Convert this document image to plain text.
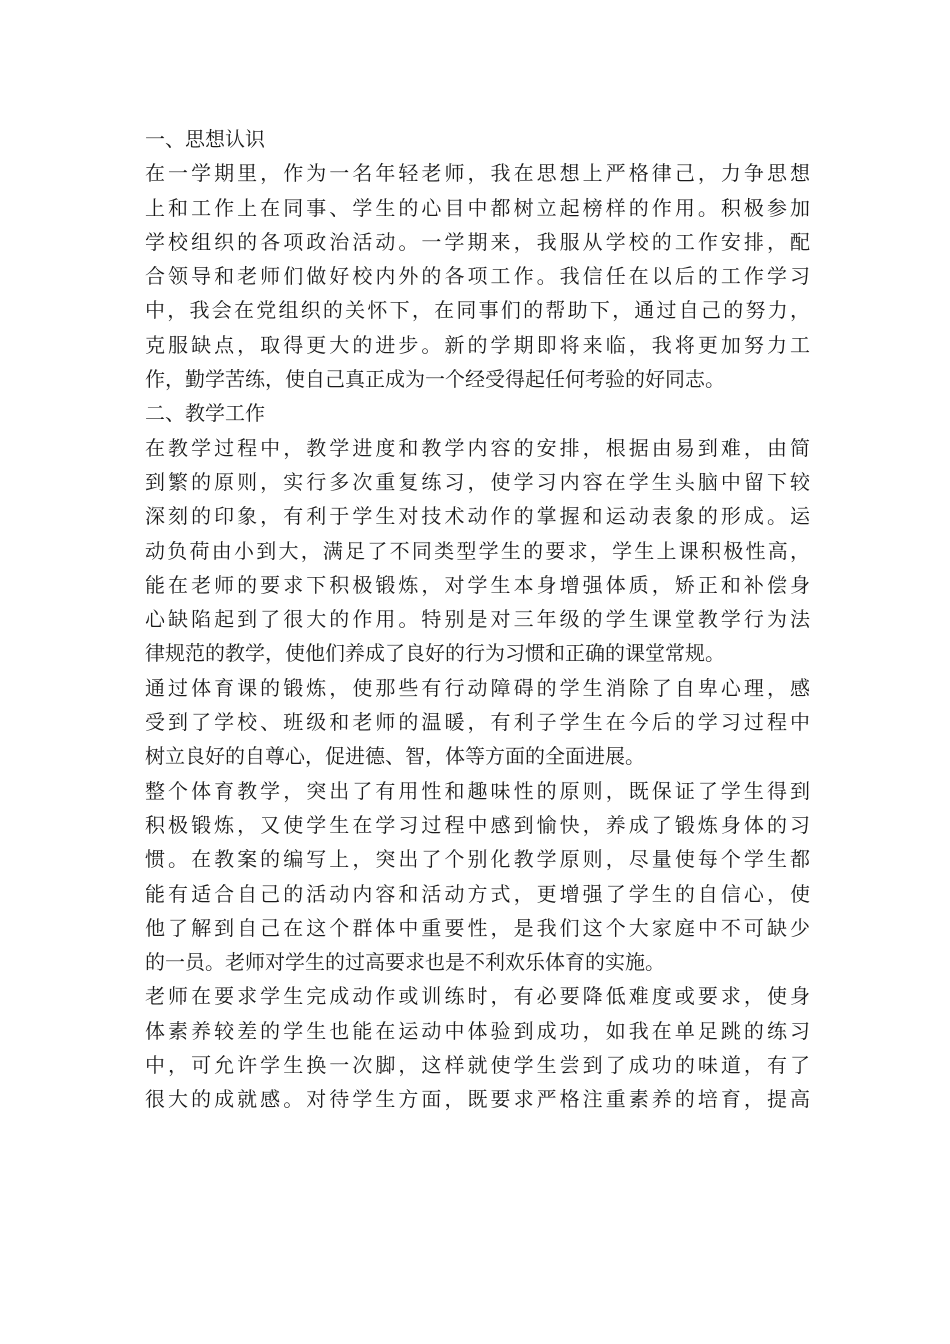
一、思想认识
在一学期里，作为一名年轻老师，我在思想上严格律己，力争思想
上和工作上在同事、学生的心目中都树立起榜样的作用。积极参加
学校组织的各项政治活动。一学期来，我服从学校的工作安排，配
合领导和老师们做好校内外的各项工作。我信任在以后的工作学习
中，我会在党组织的关怀下，在同事们的帮助下，通过自己的努力，
克服缺点，取得更大的进步。新的学期即将来临，我将更加努力工
作，勤学苦练，使自己真正成为一个经受得起任何考验的好同志。
二、教学工作
在教学过程中，教学进度和教学内容的安排，根据由易到难，由简
到繁的原则，实行多次重复练习，使学习内容在学生头脑中留下较
深刻的印象，有利于学生对技术动作的掌握和运动表象的形成。运
动负荷由小到大，满足了不同类型学生的要求，学生上课积极性高，
能在老师的要求下积极锻炼，对学生本身增强体质，矫正和补偿身
心缺陷起到了很大的作用。特别是对三年级的学生课堂教学行为法
律规范的教学，使他们养成了良好的行为习惯和正确的课堂常规。
通过体育课的锻炼，使那些有行动障碍的学生消除了自卑心理，感
受到了学校、班级和老师的温暖，有利子学生在今后的学习过程中
树立良好的自尊心，促进德、智，体等方面的全面进展。
整个体育教学，突出了有用性和趣味性的原则，既保证了学生得到
积极锻炼，又使学生在学习过程中感到愉快，养成了锻炼身体的习
惯。在教案的编写上，突出了个别化教学原则，尽量使每个学生都
能有适合自己的活动内容和活动方式，更增强了学生的自信心，使
他了解到自己在这个群体中重要性，是我们这个大家庭中不可缺少
的一员。老师对学生的过高要求也是不利欢乐体育的实施。
老师在要求学生完成动作或训练时，有必要降低难度或要求，使身
体素养较差的学生也能在运动中体验到成功，如我在单足跳的练习
中，可允许学生换一次脚，这样就使学生尝到了成功的味道，有了
很大的成就感。对待学生方面，既要求严格注重素养的培育，提高
